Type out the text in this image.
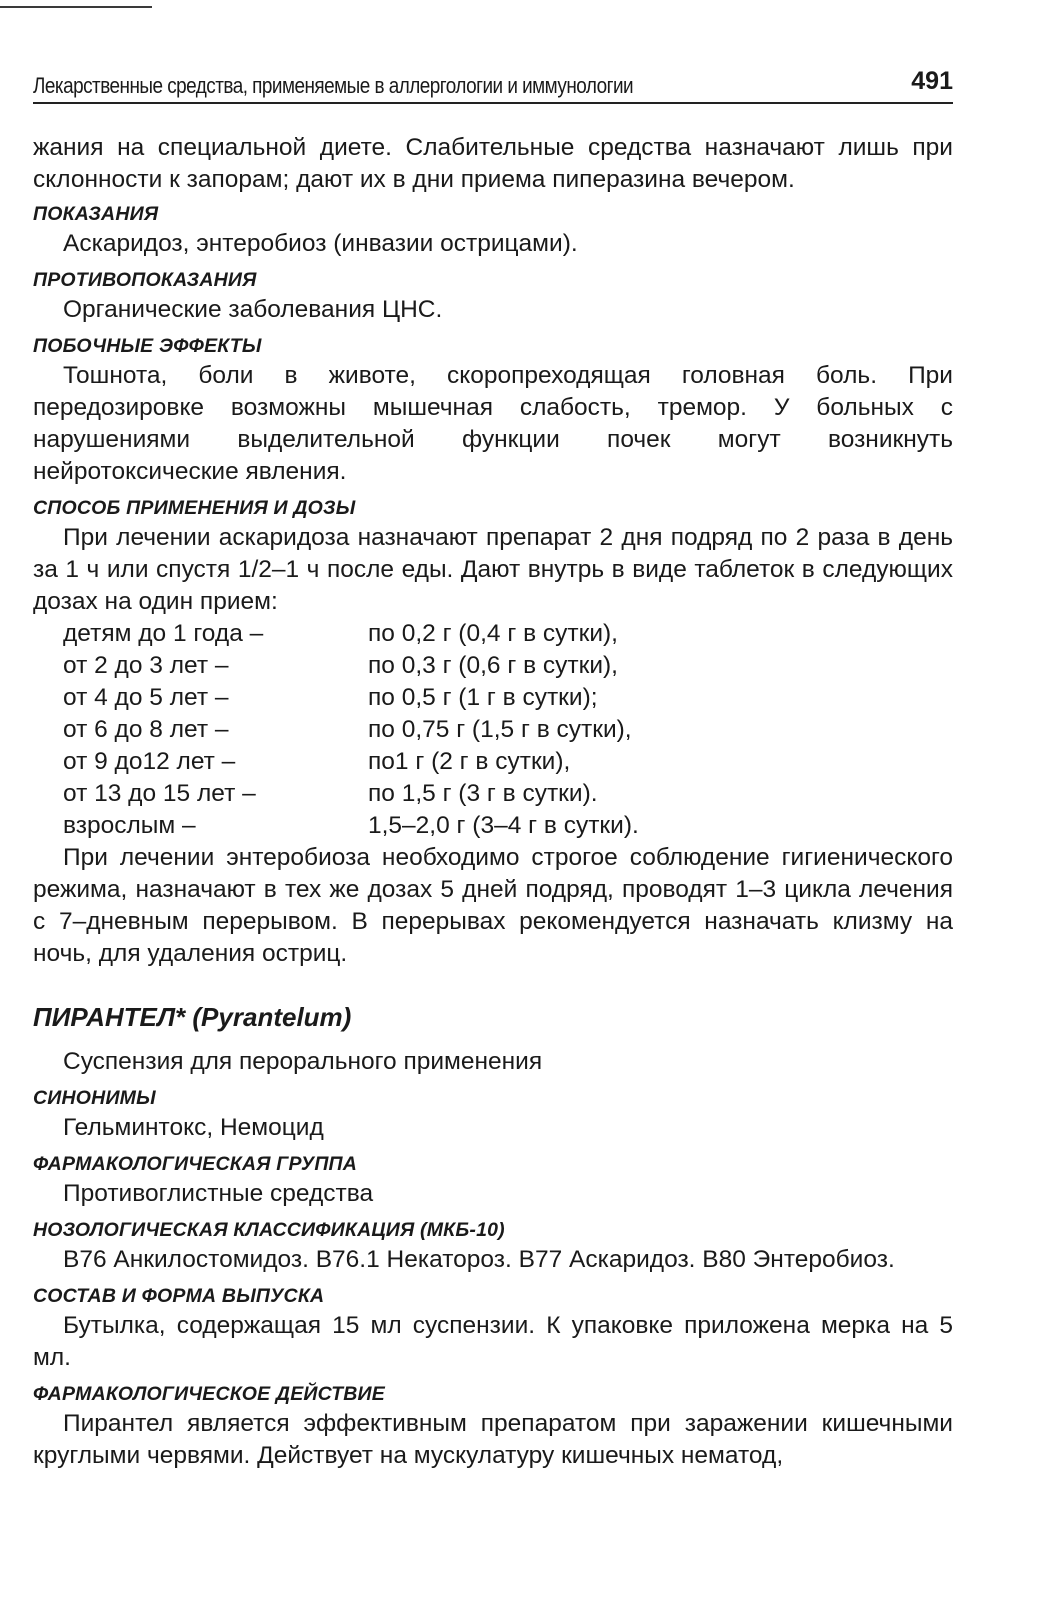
Лекарственные средства, применяемые в аллергологии и иммунологии	491

жания на специальной диете. Слабительные средства назначают лишь при склонности к запорам; дают их в дни приема пиперазина вечером.

ПОКАЗАНИЯ

Аскаридоз, энтеробиоз (инвазии острицами).

ПРОТИВОПОКАЗАНИЯ

Органические заболевания ЦНС.

ПОБОЧНЫЕ ЭФФЕКТЫ

Тошнота, боли в животе, скоропреходящая головная боль. При передозировке возможны мышечная слабость, тремор. У больных с нарушениями выделительной функции почек могут возникнуть нейротоксические явления.

СПОСОБ ПРИМЕНЕНИЯ И ДОЗЫ

При лечении аскаридоза назначают препарат 2 дня подряд по 2 раза в день за 1 ч или спустя 1/2–1 ч после еды. Дают внутрь в виде таблеток в следующих дозах на один прием:

детям до 1 года –	по 0,2 г (0,4 г в сутки),
от 2 до 3 лет –	по 0,3 г (0,6 г в сутки),
от 4 до 5 лет –	по 0,5 г (1 г в сутки);
от 6 до 8 лет –	по 0,75 г (1,5 г в сутки),
от 9 до12 лет –	по1 г (2 г в сутки),
от 13 до 15 лет –	по 1,5 г (3 г в сутки).
взрослым –	1,5–2,0 г (3–4 г в сутки).

При лечении энтеробиоза необходимо строгое соблюдение гигиенического режима, назначают в тех же дозах 5 дней подряд, проводят 1–3 цикла лечения с 7–дневным перерывом. В перерывах рекомендуется назначать клизму на ночь, для удаления остриц.

ПИРАНТЕЛ* (Pyrantelum)

Суспензия для перорального применения

СИНОНИМЫ

Гельминтокс, Немоцид

ФАРМАКОЛОГИЧЕСКАЯ ГРУППА

Противоглистные средства

НОЗОЛОГИЧЕСКАЯ КЛАССИФИКАЦИЯ (МКБ-10)

B76 Анкилостомидоз. B76.1 Некатороз. B77 Аскаридоз. B80 Энтеробиоз.

СОСТАВ И ФОРМА ВЫПУСКА

Бутылка, содержащая 15 мл суспензии. К упаковке приложена мерка на 5 мл.

ФАРМАКОЛОГИЧЕСКОЕ ДЕЙСТВИЕ

Пирантел является эффективным препаратом при заражении кишечными круглыми червями. Действует на мускулатуру кишечных нематод,
